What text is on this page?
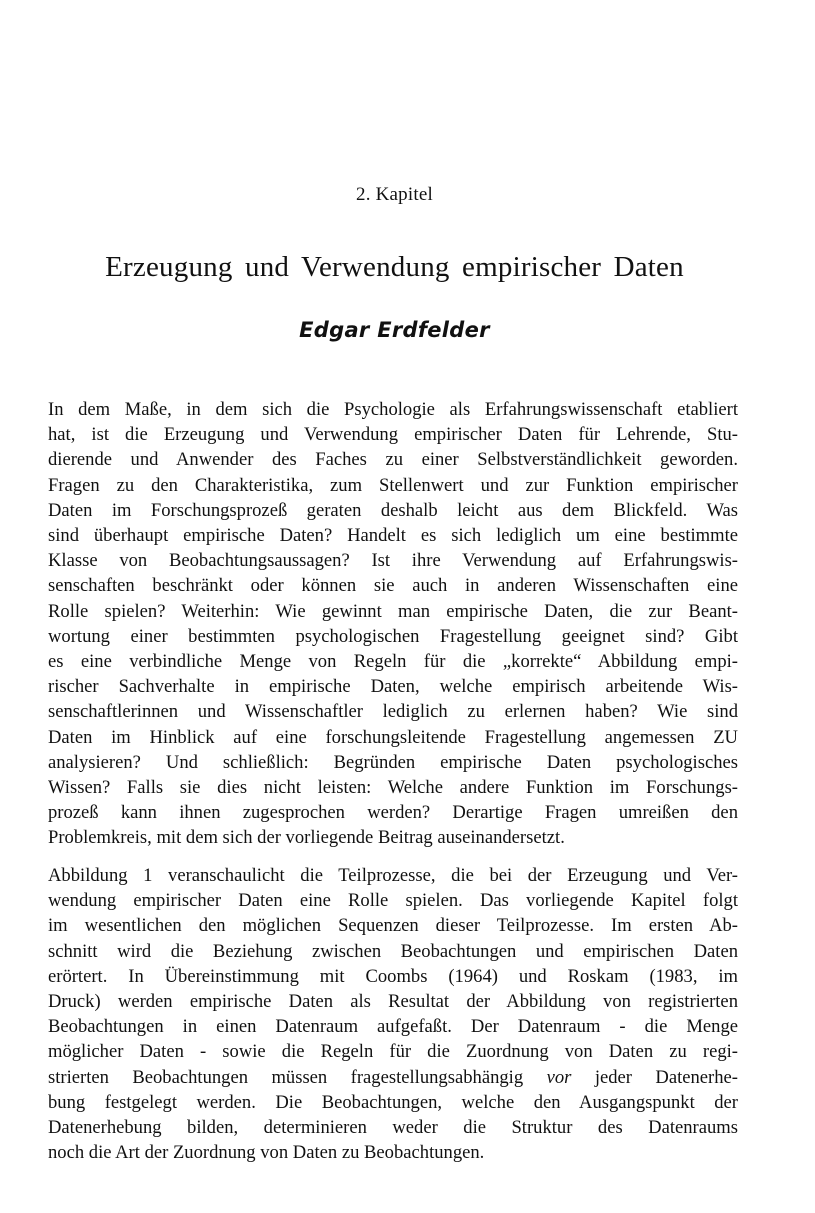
2. Kapitel
Erzeugung und Verwendung empirischer Daten
Edgar Erdfelder
In dem Maße, in dem sich die Psychologie als Erfahrungswissenschaft etabliert
hat, ist die Erzeugung und Verwendung empirischer Daten für Lehrende, Stu-
dierende und Anwender des Faches zu einer Selbstverständlichkeit geworden.
Fragen zu den Charakteristika, zum Stellenwert und zur Funktion empirischer
Daten im Forschungsprozeß geraten deshalb leicht aus dem Blickfeld. Was
sind überhaupt empirische Daten? Handelt es sich lediglich um eine bestimmte
Klasse von Beobachtungsaussagen? Ist ihre Verwendung auf Erfahrungswis-
senschaften beschränkt oder können sie auch in anderen Wissenschaften eine
Rolle spielen? Weiterhin: Wie gewinnt man empirische Daten, die zur Beant-
wortung einer bestimmten psychologischen Fragestellung geeignet sind? Gibt
es eine verbindliche Menge von Regeln für die „korrekte“ Abbildung empi-
rischer Sachverhalte in empirische Daten, welche empirisch arbeitende Wis-
senschaftlerinnen und Wissenschaftler lediglich zu erlernen haben? Wie sind
Daten im Hinblick auf eine forschungsleitende Fragestellung angemessen ZU
analysieren? Und schließlich: Begründen empirische Daten psychologisches
Wissen? Falls sie dies nicht leisten: Welche andere Funktion im Forschungs-
prozeß kann ihnen zugesprochen werden? Derartige Fragen umreißen den
Problemkreis, mit dem sich der vorliegende Beitrag auseinandersetzt.
Abbildung 1 veranschaulicht die Teilprozesse, die bei der Erzeugung und Ver-
wendung empirischer Daten eine Rolle spielen. Das vorliegende Kapitel folgt
im wesentlichen den möglichen Sequenzen dieser Teilprozesse. Im ersten Ab-
schnitt wird die Beziehung zwischen Beobachtungen und empirischen Daten
erörtert. In Übereinstimmung mit Coombs (1964) und Roskam (1983, im
Druck) werden empirische Daten als Resultat der Abbildung von registrierten
Beobachtungen in einen Datenraum aufgefaßt. Der Datenraum - die Menge
möglicher Daten - sowie die Regeln für die Zuordnung von Daten zu regi-
strierten Beobachtungen müssen fragestellungsabhängig vor jeder Datenerhe-
bung festgelegt werden. Die Beobachtungen, welche den Ausgangspunkt der
Datenerhebung bilden, determinieren weder die Struktur des Datenraums
noch die Art der Zuordnung von Daten zu Beobachtungen.
